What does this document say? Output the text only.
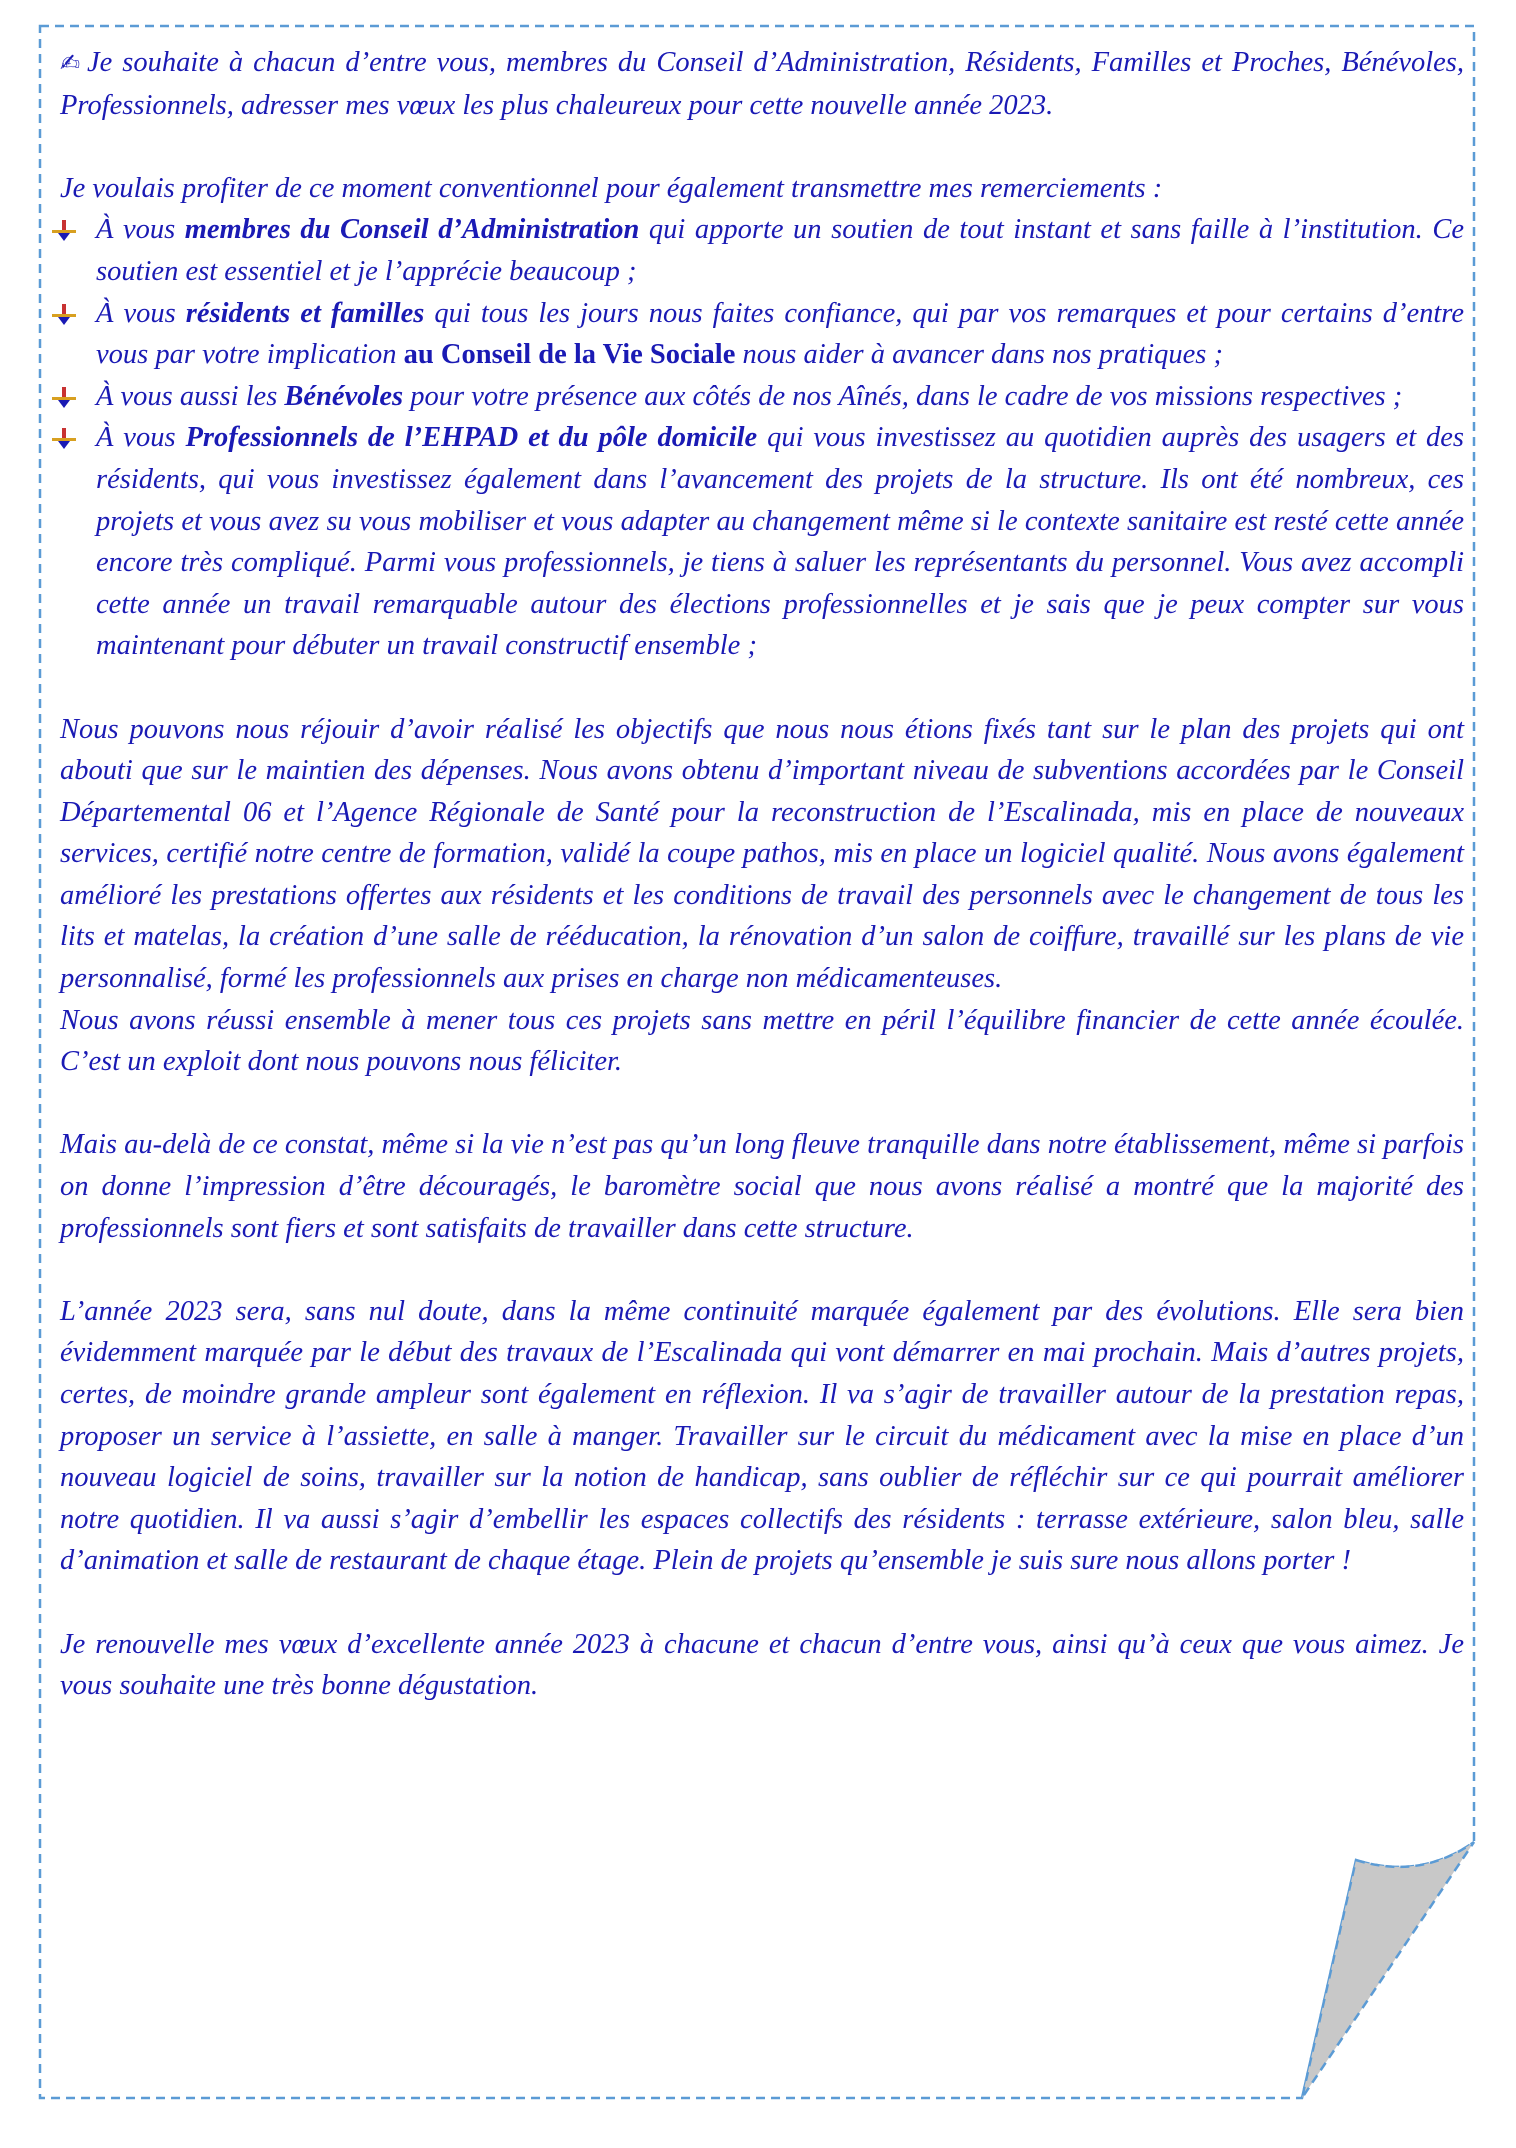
✍ Je souhaite à chacun d’entre vous, membres du Conseil d’Administration, Résidents, Familles et Proches, Bénévoles, Professionnels, adresser mes vœux les plus chaleureux pour cette nouvelle année 2023.

Je voulais profiter de ce moment conventionnel pour également transmettre mes remerciements :

À vous membres du Conseil d’Administration qui apporte un soutien de tout instant et sans faille à l’institution. Ce soutien est essentiel et je l’apprécie beaucoup ;
À vous résidents et familles qui tous les jours nous faites confiance, qui par vos remarques et pour certains d’entre vous par votre implication au Conseil de la Vie Sociale nous aider à avancer dans nos pratiques ;
À vous aussi les Bénévoles pour votre présence aux côtés de nos Aînés, dans le cadre de vos missions respectives ;
À vous Professionnels de l’EHPAD et du pôle domicile qui vous investissez au quotidien auprès des usagers et des résidents, qui vous investissez également dans l’avancement des projets de la structure. Ils ont été nombreux, ces projets et vous avez su vous mobiliser et vous adapter au changement même si le contexte sanitaire est resté cette année encore très compliqué. Parmi vous professionnels, je tiens à saluer les représentants du personnel. Vous avez accompli cette année un travail remarquable autour des élections professionnelles et je sais que je peux compter sur vous maintenant pour débuter un travail constructif ensemble ;

Nous pouvons nous réjouir d’avoir réalisé les objectifs que nous nous étions fixés tant sur le plan des projets qui ont abouti que sur le maintien des dépenses. Nous avons obtenu d’important niveau de subventions accordées par le Conseil Départemental 06 et l’Agence Régionale de Santé pour la reconstruction de l’Escalinada, mis en place de nouveaux services, certifié notre centre de formation, validé la coupe pathos, mis en place un logiciel qualité. Nous avons également amélioré les prestations offertes aux résidents et les conditions de travail des personnels avec le changement de tous les lits et matelas, la création d’une salle de rééducation, la rénovation d’un salon de coiffure, travaillé sur les plans de vie personnalisé, formé les professionnels aux prises en charge non médicamenteuses.

Nous avons réussi ensemble à mener tous ces projets sans mettre en péril l’équilibre financier de cette année écoulée. C’est un exploit dont nous pouvons nous féliciter.

Mais au-delà de ce constat, même si la vie n’est pas qu’un long fleuve tranquille dans notre établissement, même si parfois on donne l’impression d’être découragés, le baromètre social que nous avons réalisé a montré que la majorité des professionnels sont fiers et sont satisfaits de travailler dans cette structure.

L’année 2023 sera, sans nul doute, dans la même continuité marquée également par des évolutions. Elle sera bien évidemment marquée par le début des travaux de l’Escalinada qui vont démarrer en mai prochain. Mais d’autres projets, certes, de moindre grande ampleur sont également en réflexion. Il va s’agir de travailler autour de la prestation repas, proposer un service à l’assiette, en salle à manger. Travailler sur le circuit du médicament avec la mise en place d’un nouveau logiciel de soins, travailler sur la notion de handicap, sans oublier de réfléchir sur ce qui pourrait améliorer notre quotidien. Il va aussi s’agir d’embellir les espaces collectifs des résidents : terrasse extérieure, salon bleu, salle d’animation et salle de restaurant de chaque étage. Plein de projets qu’ensemble je suis sure nous allons porter !

Je renouvelle mes vœux d’excellente année 2023 à chacune et chacun d’entre vous, ainsi qu’à ceux que vous aimez. Je vous souhaite une très bonne dégustation.
